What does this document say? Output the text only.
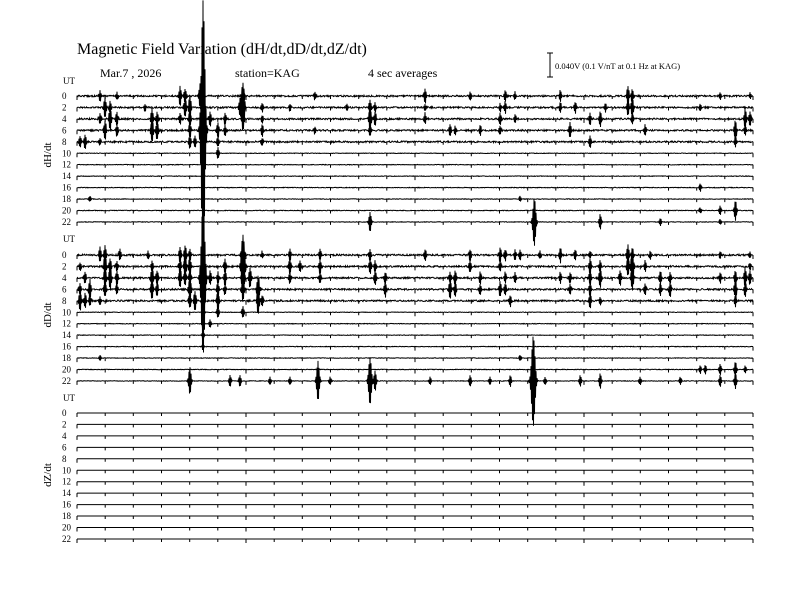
Magnetic Field Variation (dH/dt,dD/dt,dZ/dt)
Mar.7 , 2026	station=KAG	4 sec averages	0.040V (0.1 V/nT at 0.1 Hz at KAG)
UT
UT
UT
dH/dt
dD/dt
dZ/dt
0
2
4
6
8
10
12
14
16
18
20
22
0
2
4
6
8
10
12
14
16
18
20
22
0
2
4
6
8
10
12
14
16
18
20
22
